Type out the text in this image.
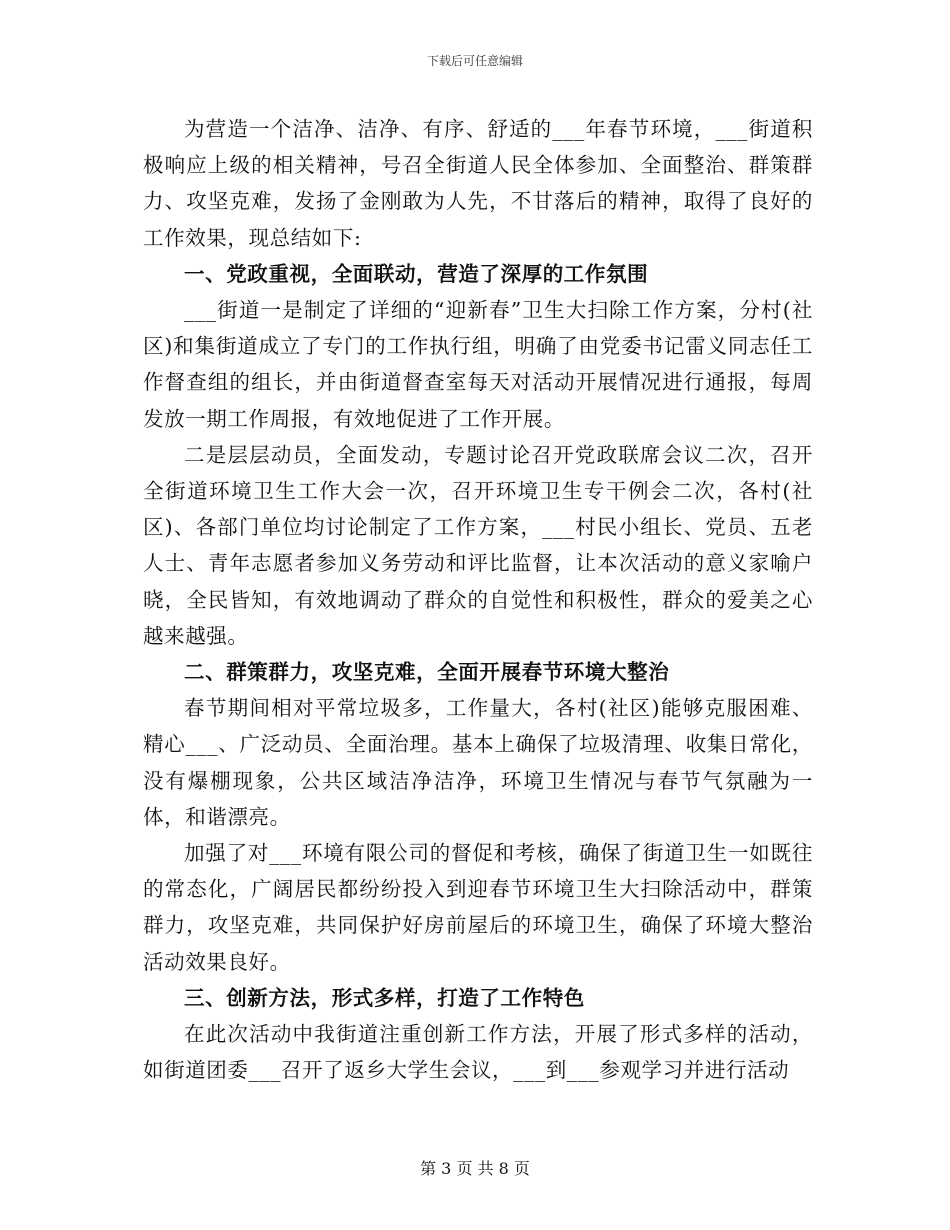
下载后可任意编辑

为营造一个洁净、洁净、有序、舒适的___年春节环境，___街道积极响应上级的相关精神，号召全街道人民全体参加、全面整治、群策群力、攻坚克难，发扬了金刚敢为人先，不甘落后的精神，取得了良好的工作效果，现总结如下:

一、党政重视，全面联动，营造了深厚的工作氛围

___街道一是制定了详细的“迎新春”卫生大扫除工作方案，分村(社区)和集街道成立了专门的工作执行组，明确了由党委书记雷义同志任工作督查组的组长，并由街道督查室每天对活动开展情况进行通报，每周发放一期工作周报，有效地促进了工作开展。

二是层层动员，全面发动，专题讨论召开党政联席会议二次，召开全街道环境卫生工作大会一次，召开环境卫生专干例会二次，各村(社区)、各部门单位均讨论制定了工作方案，___村民小组长、党员、五老人士、青年志愿者参加义务劳动和评比监督，让本次活动的意义家喻户晓，全民皆知，有效地调动了群众的自觉性和积极性，群众的爱美之心越来越强。

二、群策群力，攻坚克难，全面开展春节环境大整治

春节期间相对平常垃圾多，工作量大，各村(社区)能够克服困难、精心___、广泛动员、全面治理。基本上确保了垃圾清理、收集日常化，没有爆棚现象，公共区域洁净洁净，环境卫生情况与春节气氛融为一体，和谐漂亮。

加强了对___环境有限公司的督促和考核，确保了街道卫生一如既往的常态化，广阔居民都纷纷投入到迎春节环境卫生大扫除活动中，群策群力，攻坚克难，共同保护好房前屋后的环境卫生，确保了环境大整治活动效果良好。

三、创新方法，形式多样，打造了工作特色

在此次活动中我街道注重创新工作方法，开展了形式多样的活动，如街道团委___召开了返乡大学生会议，___到___参观学习并进行活动

第 3 页 共 8 页
